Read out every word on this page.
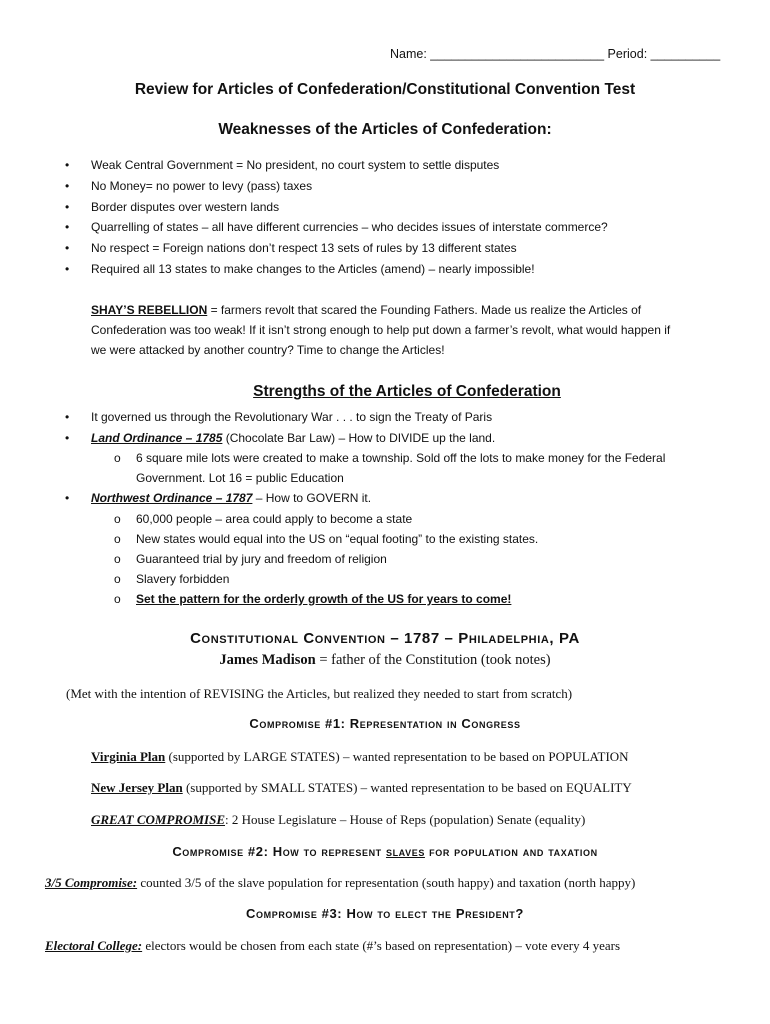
Name: _________________________ Period: __________
Review for Articles of Confederation/Constitutional Convention Test
Weaknesses of the Articles of Confederation:
• Weak Central Government = No president, no court system to settle disputes
• No Money= no power to levy (pass) taxes
• Border disputes over western lands
• Quarrelling of states – all have different currencies – who decides issues of interstate commerce?
• No respect = Foreign nations don’t respect 13 sets of rules by 13 different states
• Required all 13 states to make changes to the Articles (amend) – nearly impossible!
SHAY’S REBELLION = farmers revolt that scared the Founding Fathers. Made us realize the Articles of
Confederation was too weak! If it isn’t strong enough to help put down a farmer’s revolt, what would happen if
we were attacked by another country? Time to change the Articles!
Strengths of the Articles of Confederation
• It governed us through the Revolutionary War . . . to sign the Treaty of Paris
• Land Ordinance – 1785 (Chocolate Bar Law) – How to DIVIDE up the land.
o 6 square mile lots were created to make a township. Sold off the lots to make money for the Federal
Government. Lot 16 = public Education
• Northwest Ordinance – 1787 – How to GOVERN it.
o 60,000 people – area could apply to become a state
o New states would equal into the US on “equal footing” to the existing states.
o Guaranteed trial by jury and freedom of religion
o Slavery forbidden
o Set the pattern for the orderly growth of the US for years to come!
Constitutional Convention – 1787 – Philadelphia, PA
James Madison = father of the Constitution (took notes)
(Met with the intention of REVISING the Articles, but realized they needed to start from scratch)
Compromise #1: Representation in Congress
Virginia Plan (supported by LARGE STATES) – wanted representation to be based on POPULATION
New Jersey Plan (supported by SMALL STATES) – wanted representation to be based on EQUALITY
GREAT COMPROMISE: 2 House Legislature – House of Reps (population) Senate (equality)
Compromise #2: How to represent slaves for population and taxation
3/5 Compromise: counted 3/5 of the slave population for representation (south happy) and taxation (north happy)
Compromise #3: How to elect the President?
Electoral College: electors would be chosen from each state (#’s based on representation) – vote every 4 years
